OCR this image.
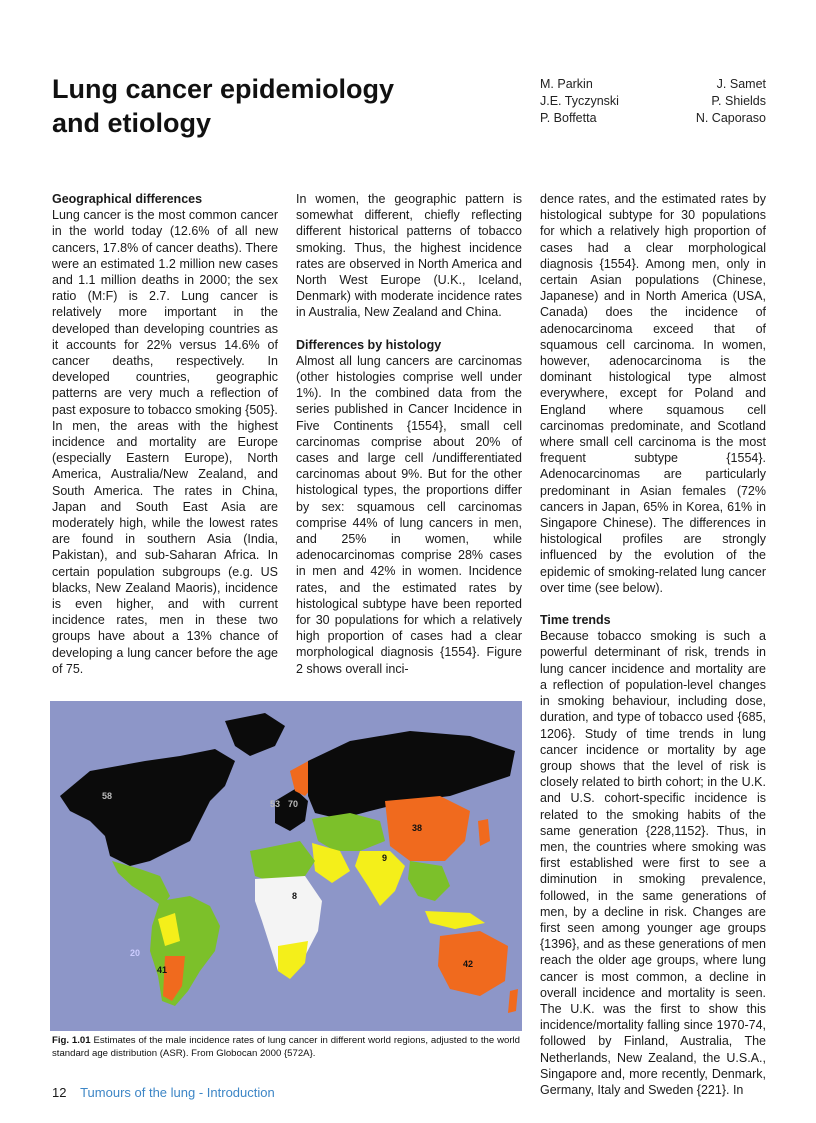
Lung cancer epidemiology
and etiology
M. Parkin	J. Samet
J.E. Tyczynski	P. Shields
P. Boffetta	N. Caporaso
Geographical differences

Lung cancer is the most common cancer in the world today (12.6% of all new cancers, 17.8% of cancer deaths). There were an estimated 1.2 million new cases and 1.1 million deaths in 2000; the sex ratio (M:F) is 2.7. Lung cancer is relatively more important in the developed than developing countries as it accounts for 22% versus 14.6% of cancer deaths, respectively. In developed countries, geographic patterns are very much a reflection of past exposure to tobacco smoking {505}.

In men, the areas with the highest incidence and mortality are Europe (especially Eastern Europe), North America, Australia/New Zealand, and South America. The rates in China, Japan and South East Asia are moderately high, while the lowest rates are found in southern Asia (India, Pakistan), and sub-Saharan Africa. In certain population subgroups (e.g. US blacks, New Zealand Maoris), incidence is even higher, and with current incidence rates, men in these two groups have about a 13% chance of developing a lung cancer before the age of 75.

In women, the geographic pattern is somewhat different, chiefly reflecting different historical patterns of tobacco smoking. Thus, the highest incidence rates are observed in North America and North West Europe (U.K., Iceland, Denmark) with moderate incidence rates in Australia, New Zealand and China.

Differences by histology

Almost all lung cancers are carcinomas (other histologies comprise well under 1%). In the combined data from the series published in Cancer Incidence in Five Continents {1554}, small cell carcinomas comprise about 20% of cases and large cell /undifferentiated carcinomas about 9%. But for the other histological types, the proportions differ by sex: squamous cell carcinomas comprise 44% of lung cancers in men, and 25% in women, while adenocarcinomas comprise 28% cases in men and 42% in women. Incidence rates, and the estimated rates by histological subtype have been reported for 30 populations for which a relatively high proportion of cases had a clear morphological diagnosis {1554}. Figure 2 shows overall inci-

dence rates, and the estimated rates by histological subtype for 30 populations for which a relatively high proportion of cases had a clear morphological diagnosis {1554}. Among men, only in certain Asian populations (Chinese, Japanese) and in North America (USA, Canada) does the incidence of adenocarcinoma exceed that of squamous cell carcinoma. In women, however, adenocarcinoma is the dominant histological type almost everywhere, except for Poland and England where squamous cell carcinomas predominate, and Scotland where small cell carcinoma is the most frequent subtype {1554}. Adenocarcinomas are particularly predominant in Asian females (72% cancers in Japan, 65% in Korea, 61% in Singapore Chinese). The differences in histological profiles are strongly influenced by the evolution of the epidemic of smoking-related lung cancer over time (see below).

Time trends

Because tobacco smoking is such a powerful determinant of risk, trends in lung cancer incidence and mortality are a reflection of population-level changes in smoking behaviour, including dose, duration, and type of tobacco used {685, 1206}. Study of time trends in lung cancer incidence or mortality by age group shows that the level of risk is closely related to birth cohort; in the U.K. and U.S. cohort-specific incidence is related to the smoking habits of the same generation {228,1152}. Thus, in men, the countries where smoking was first established were first to see a diminution in smoking prevalence, followed, in the same generations of men, by a decline in risk. Changes are first seen among younger age groups {1396}, and as these generations of men reach the older age groups, where lung cancer is most common, a decline in overall incidence and mortality is seen. The U.K. was the first to show this incidence/mortality falling since 1970-74, followed by Finland, Australia, The Netherlands, New Zealand, the U.S.A., Singapore and, more recently, Denmark, Germany, Italy and Sweden {221}. In

58
53 70
38
9
8
20
41
42
Fig. 1.01 Estimates of the male incidence rates of lung cancer in different world regions, adjusted to the world standard age distribution (ASR). From Globocan 2000 {572A}.
12 Tumours of the lung - Introduction
